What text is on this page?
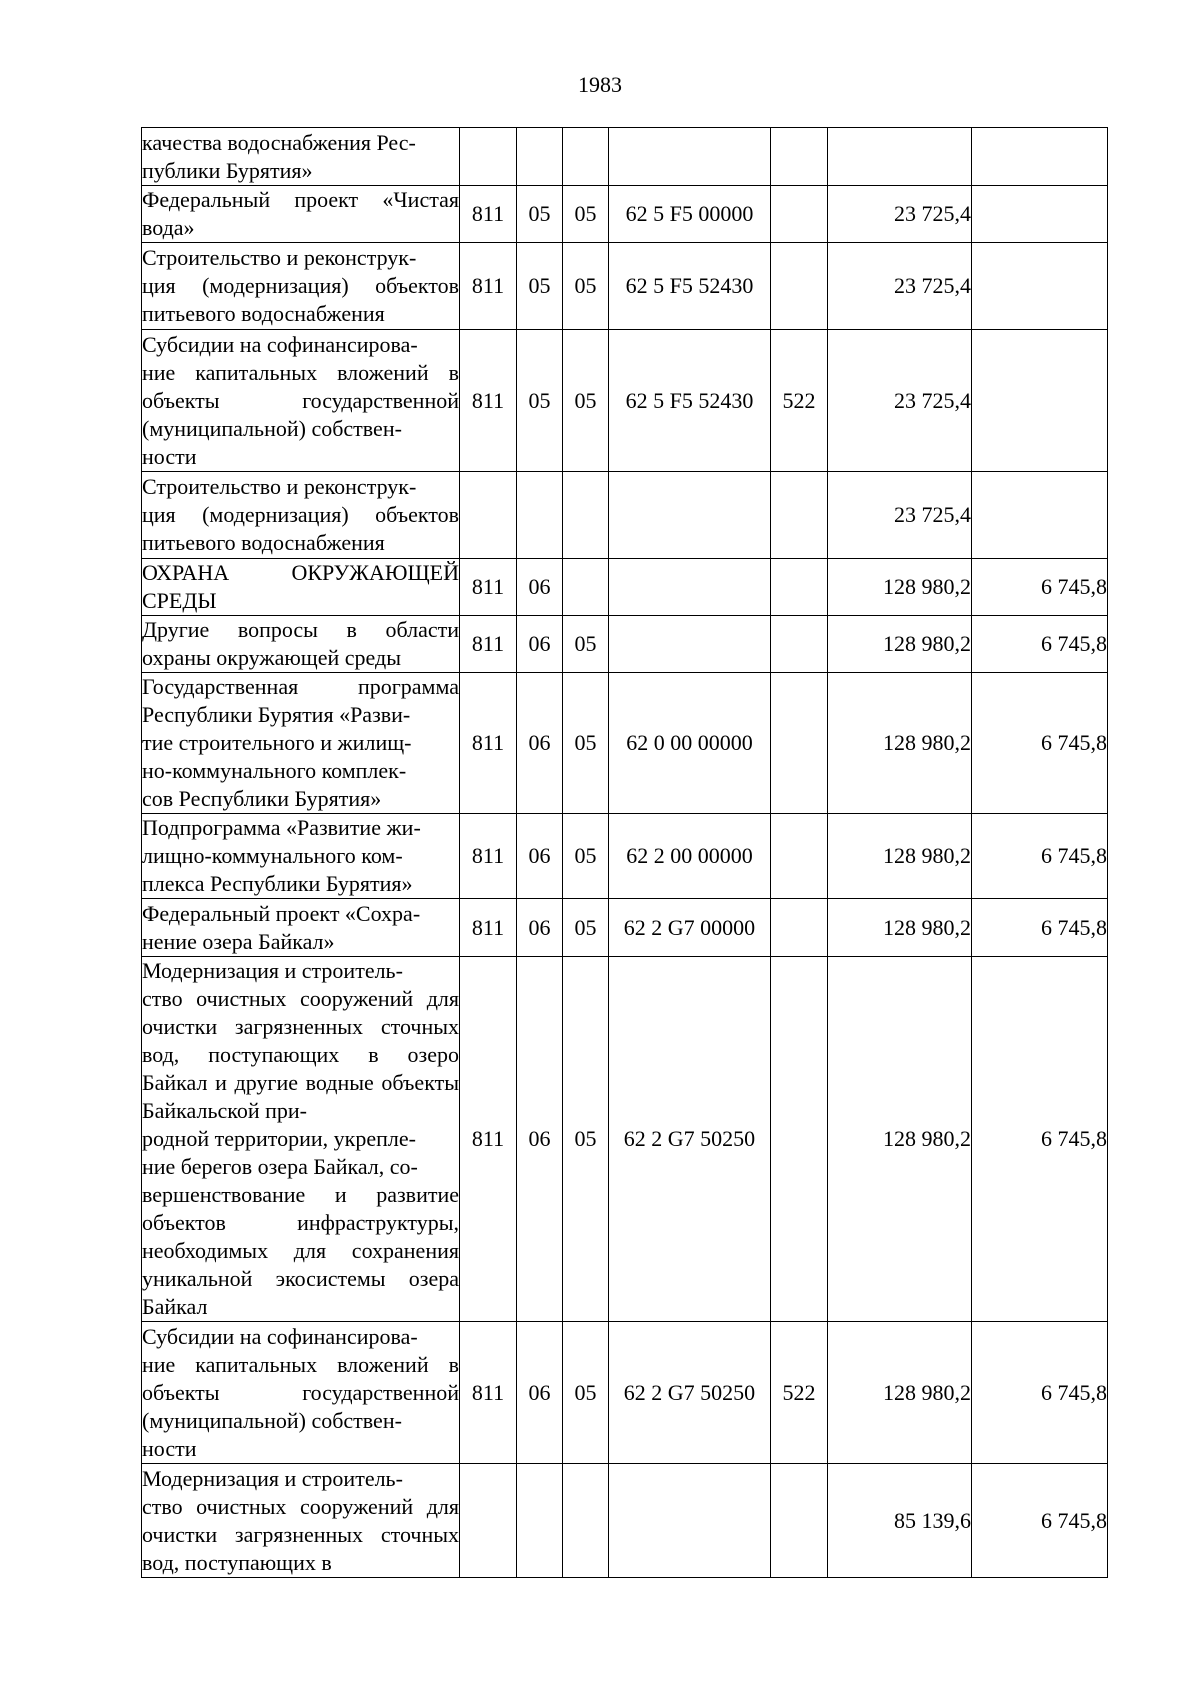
1983
качества водоснабжения Рес-
публики Бурятия»							
Федеральный проект «Чистая вода»	811	05	05	62 5 F5 00000		23 725,4	
Строительство и реконструк-
ция (модернизация) объектов питьевого водоснабжения	811	05	05	62 5 F5 52430		23 725,4	
Субсидии на софинансирова-
ние капитальных вложений в объекты государственной (муниципальной) собствен-
ности	811	05	05	62 5 F5 52430	522	23 725,4	
Строительство и реконструк-
ция (модернизация) объектов питьевого водоснабжения						23 725,4	
ОХРАНА ОКРУЖАЮЩЕЙ СРЕДЫ	811	06				128 980,2	6 745,8
Другие вопросы в области охраны окружающей среды	811	06	05			128 980,2	6 745,8
Государственная программа Республики Бурятия «Разви-
тие строительного и жилищ-
но-коммунального комплек-
сов Республики Бурятия»	811	06	05	62 0 00 00000		128 980,2	6 745,8
Подпрограмма «Развитие жи-
лищно-коммунального ком-
плекса Республики Бурятия»	811	06	05	62 2 00 00000		128 980,2	6 745,8
Федеральный проект «Сохра-
нение озера Байкал»	811	06	05	62 2 G7 00000		128 980,2	6 745,8
Модернизация и строитель-
ство очистных сооружений для очистки загрязненных сточных вод, поступающих в озеро Байкал и другие водные объекты Байкальской при-
родной территории, укрепле-
ние берегов озера Байкал, со-
вершенствование и развитие объектов инфраструктуры, необходимых для сохранения уникальной экосистемы озера Байкал	811	06	05	62 2 G7 50250		128 980,2	6 745,8
Субсидии на софинансирова-
ние капитальных вложений в объекты государственной (муниципальной) собствен-
ности	811	06	05	62 2 G7 50250	522	128 980,2	6 745,8
Модернизация и строитель-
ство очистных сооружений для очистки загрязненных сточных вод, поступающих в						85 139,6	6 745,8
